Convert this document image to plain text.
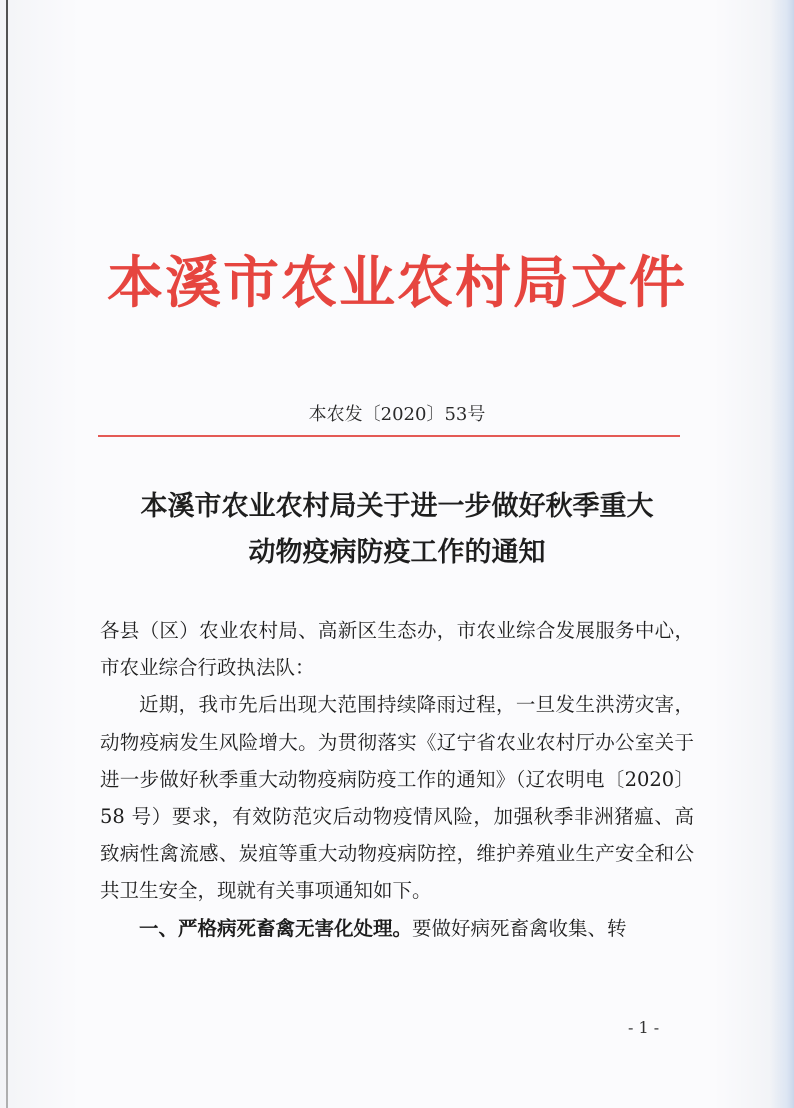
本溪市农业农村局文件
本农发〔2020〕53号
本溪市农业农村局关于进一步做好秋季重大
动物疫病防疫工作的通知

各县（区）农业农村局、高新区生态办，市农业综合发展服务中心，市农业综合行政执法队：

近期，我市先后出现大范围持续降雨过程，一旦发生洪涝灾害，动物疫病发生风险增大。为贯彻落实《辽宁省农业农村厅办公室关于进一步做好秋季重大动物疫病防疫工作的通知》（辽农明电〔2020〕58 号）要求，有效防范灾后动物疫情风险，加强秋季非洲猪瘟、高致病性禽流感、炭疽等重大动物疫病防控，维护养殖业生产安全和公共卫生安全，现就有关事项通知如下。

一、严格病死畜禽无害化处理。要做好病死畜禽收集、转

- 1 -
